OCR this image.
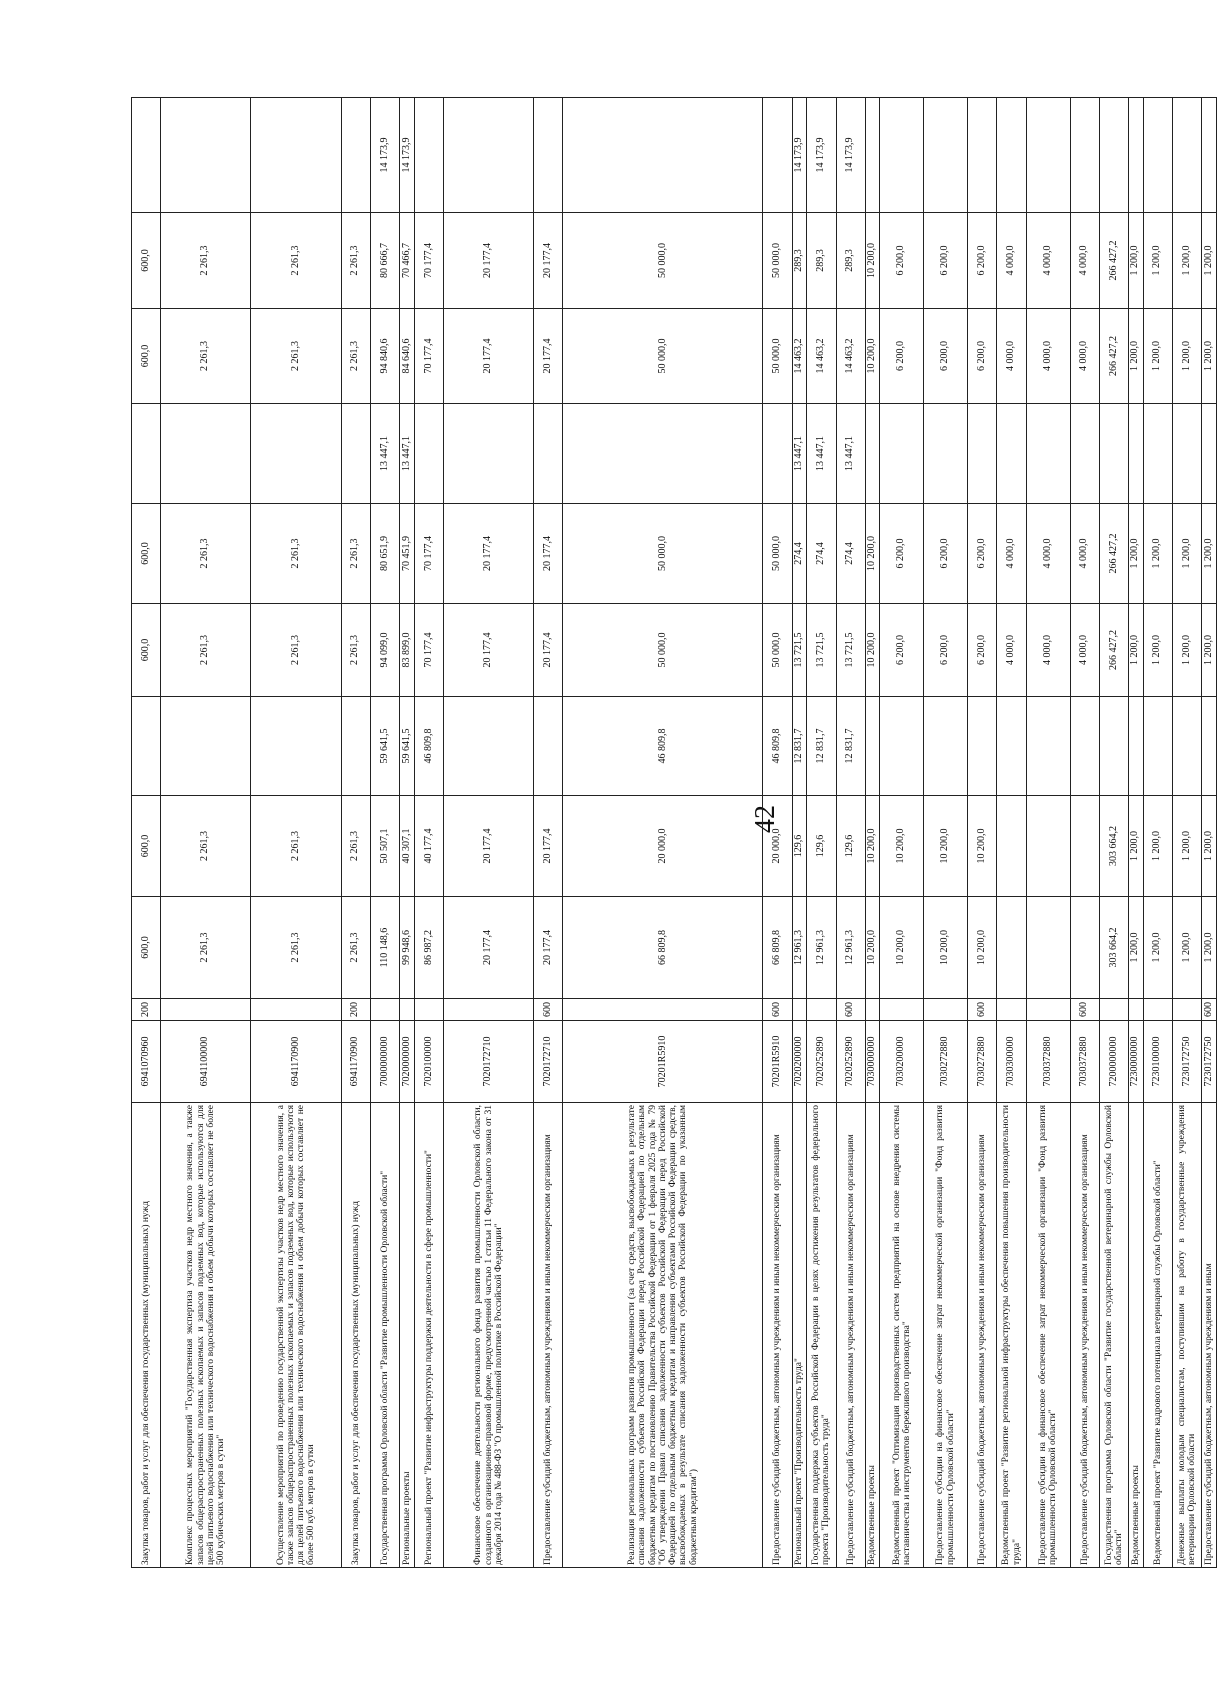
42
Закупка товаров, работ и услуг для обеспечения государственных (муниципальных) нужд	6941070960	200	600,0	600,0		600,0	600,0		600,0	600,0	
Комплекс процессных мероприятий "Государственная экспертиза участков недр местного значения, а также запасов общераспространенных полезных ископаемых и запасов подземных вод, которые используются для целей питьевого водоснабжения или технического водоснабжения и объем добычи которых составляет не более 500 кубических метров в сутки"	6941100000		2 261,3	2 261,3		2 261,3	2 261,3		2 261,3	2 261,3	
Осуществление мероприятий по проведению государственной экспертизы участков недр местного значения, а также запасов общераспространенных полезных ископаемых и запасов подземных вод, которые используются для целей питьевого водоснабжения или технического водоснабжения и объем добычи которых составляет не более 500 куб. метров в сутки	6941170900		2 261,3	2 261,3		2 261,3	2 261,3		2 261,3	2 261,3	
Закупка товаров, работ и услуг для обеспечения государственных (муниципальных) нужд	6941170900	200	2 261,3	2 261,3		2 261,3	2 261,3		2 261,3	2 261,3	
Государственная программа Орловской области "Развитие промышленности Орловской области"	7000000000		110 148,6	50 507,1	59 641,5	94 099,0	80 651,9	13 447,1	94 840,6	80 666,7	14 173,9
Региональные проекты	7020000000		99 948,6	40 307,1	59 641,5	83 899,0	70 451,9	13 447,1	84 640,6	70 466,7	14 173,9
Региональный проект "Развитие инфраструктуры поддержки деятельности в сфере промышленности"	7020100000		86 987,2	40 177,4	46 809,8	70 177,4	70 177,4		70 177,4	70 177,4	
Финансовое обеспечение деятельности регионального фонда развития промышленности Орловской области, созданного в организационно-правовой форме, предусмотренной частью 1 статьи 11 Федерального закона от 31 декабря 2014 года № 488-ФЗ "О промышленной политике в Российской Федерации"	7020172710		20 177,4	20 177,4		20 177,4	20 177,4		20 177,4	20 177,4	
Предоставление субсидий бюджетным, автономным учреждениям и иным некоммерческим организациям	7020172710	600	20 177,4	20 177,4		20 177,4	20 177,4		20 177,4	20 177,4	
Реализация региональных программ развития промышленности (за счет средств, высвобождаемых в результате списания задолженности субъектов Российской Федерации перед Российской Федерацией по отдельным бюджетным кредитам по постановлению Правительства Российской Федерации от 1 февраля 2025 года № 79 "Об утверждении Правил списания задолженности субъектов Российской Федерации перед Российской Федерацией по отдельным бюджетным кредитам и направления субъектами Российской Федерации средств, высвобождаемых в результате списания задолженности субъектов Российской Федерации по указанным бюджетным кредитам")	70201R5910		66 809,8	20 000,0	46 809,8	50 000,0	50 000,0		50 000,0	50 000,0	
Предоставление субсидий бюджетным, автономным учреждениям и иным некоммерческим организациям	70201R5910	600	66 809,8	20 000,0	46 809,8	50 000,0	50 000,0		50 000,0	50 000,0	
Региональный проект "Производительность труда"	7020200000		12 961,3	129,6	12 831,7	13 721,5	274,4	13 447,1	14 463,2	289,3	14 173,9
Государственная поддержка субъектов Российской Федерации в целях достижения результатов федерального проекта "Производительность труда"	7020252890		12 961,3	129,6	12 831,7	13 721,5	274,4	13 447,1	14 463,2	289,3	14 173,9
Предоставление субсидий бюджетным, автономным учреждениям и иным некоммерческим организациям	7020252890	600	12 961,3	129,6	12 831,7	13 721,5	274,4	13 447,1	14 463,2	289,3	14 173,9
Ведомственные проекты	7030000000		10 200,0	10 200,0		10 200,0	10 200,0		10 200,0	10 200,0	
Ведомственный проект "Оптимизация производственных систем предприятий на основе внедрения системы наставничества и инструментов бережливого производства"	7030200000		10 200,0	10 200,0		6 200,0	6 200,0		6 200,0	6 200,0	
Предоставление субсидии на финансовое обеспечение затрат некоммерческой организации "Фонд развития промышленности Орловской области"	7030272880		10 200,0	10 200,0		6 200,0	6 200,0		6 200,0	6 200,0	
Предоставление субсидий бюджетным, автономным учреждениям и иным некоммерческим организациям	7030272880	600	10 200,0	10 200,0		6 200,0	6 200,0		6 200,0	6 200,0	
Ведомственный проект "Развитие региональной инфраструктуры обеспечения повышения производительности труда"	7030300000					4 000,0	4 000,0		4 000,0	4 000,0	
Предоставление субсидии на финансовое обеспечение затрат некоммерческой организации "Фонд развития промышленности Орловской области"	7030372880					4 000,0	4 000,0		4 000,0	4 000,0	
Предоставление субсидий бюджетным, автономным учреждениям и иным некоммерческим организациям	7030372880	600				4 000,0	4 000,0		4 000,0	4 000,0	
Государственная программа Орловской области "Развитие государственной ветеринарной службы Орловской области"	7200000000		303 664,2	303 664,2		266 427,2	266 427,2		266 427,2	266 427,2	
Ведомственные проекты	7230000000		1 200,0	1 200,0		1 200,0	1 200,0		1 200,0	1 200,0	
Ведомственный проект "Развитие кадрового потенциала ветеринарной службы Орловской области"	7230100000		1 200,0	1 200,0		1 200,0	1 200,0		1 200,0	1 200,0	
Денежные выплаты молодым специалистам, поступившим на работу в государственные учреждения ветеринарии Орловской области	7230172750		1 200,0	1 200,0		1 200,0	1 200,0		1 200,0	1 200,0	
Предоставление субсидий бюджетным, автономным учреждениям и иным	7230172750	600	1 200,0	1 200,0		1 200,0	1 200,0		1 200,0	1 200,0	
